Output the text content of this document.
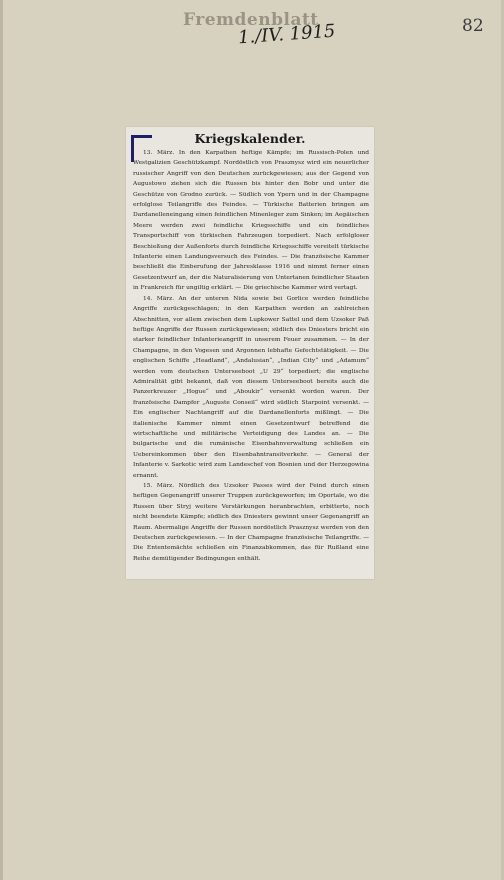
Fremdenblatt
1./IV. 1915	82
Kriegskalender.

13. März. In den Karpathen heftige Kämpfe; im Russisch-Polen und Westgalizien Geschützkampf. Nordöstlich von Prasznysz wird ein neuerlicher russischer Angriff von den Deutschen zurückgewiesen; aus der Gegend von Augustowo ziehen sich die Russen bis hinter den Bobr und unter die Geschütze von Grodno zurück. — Südlich von Ypern und in der Champagne erfolglose Teilangriffe des Feindes. — Türkische Batterien bringen am Dardanelleneingang einen feindlichen Minenleger zum Sinken; im Aegäischen Meere werden zwei feindliche Kriegsschiffe und ein feindliches Transportschiff von türkischen Fahrzeugen torpediert. Nach erfolgloser Beschießung der Außenforts durch feindliche Kriegsschiffe vereitelt türkische Infanterie einen Landungsversuch des Feindes. — Die französische Kammer beschließt die Einberufung der Jahresklasse 1916 und nimmt ferner einen Gesetzentwurf an, der die Naturalisierung von Untertanen feindlicher Staaten in Frankreich für ungiltig erklärt. — Die griechische Kammer wird vertagt.

14. März. An der unteren Nida sowie bei Gorlice werden feindliche Angriffe zurückgeschlagen; in den Karpathen werden an zahlreichen Abschnitten, vor allem zwischen dem Lupkower Sattel und dem Uzsoker Paß heftige Angriffe der Russen zurückgewiesen; südlich des Dniesters bricht ein starker feindlicher Infanterieangriff in unserem Feuer zusammen. — In der Champagne, in den Vogesen und Argonnen lebhafte Gefechtstätigkeit. — Die englischen Schiffe „Headland“, „Andalusian“, „Indian City“ und „Adamum“ werden vom deutschen Unterseeboot „U 29“ torpediert; die englische Admiralität gibt bekannt, daß von diesem Unterseeboot bereits auch die Panzerkreuzer „Hogue“ und „Aboukir“ versenkt worden waren. Der französische Dampfer „Auguste Conseil“ wird südlich Starpoint versenkt. — Ein englischer Nachtangriff auf die Dardanellenforts mißlingt. — Die italienische Kammer nimmt einen Gesetzentwurf betreffend die wirtschaftliche und militärische Verteidigung des Landes an. — Die bulgarische und die rumänische Eisenbahnverwaltung schließen ein Uebereinkommen über den Eisenbahntransitverkehr. — General der Infanterie v. Sarkotic wird zum Landeschef von Bosnien und der Herzegowina ernannt.

15. März. Nördlich des Uzsoker Passes wird der Feind durch einen heftigen Gegenangriff unserer Truppen zurückgeworfen; im Oportale, wo die Russen über Stryj weitere Verstärkungen heranbrachten, erbitterte, noch nicht beendete Kämpfe; südlich des Dniesters gewinnt unser Gegenangriff an Raum. Abermalige Angriffe der Russen nordöstlich Prasznysz werden von den Deutschen zurückgewiesen. — In der Champagne französische Teilangriffe. — Die Ententemächte schließen ein Finanzabkommen, das für Rußland eine Reihe demütigender Bedingungen enthält.
